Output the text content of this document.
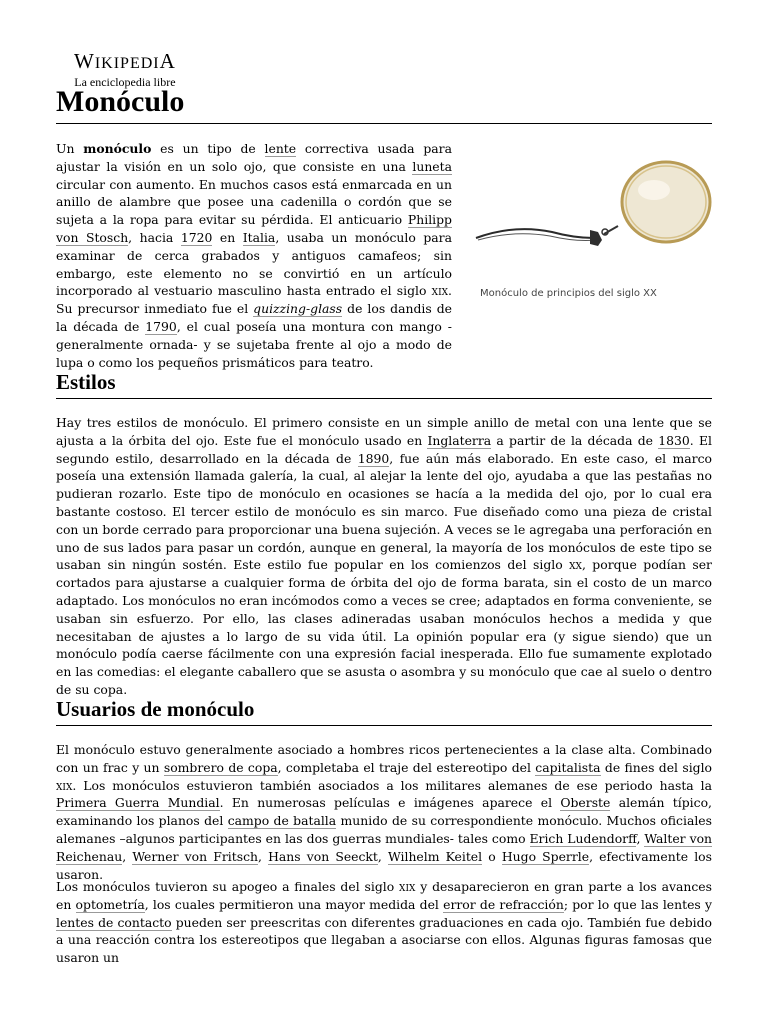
WIKIPEDIA
La enciclopedia libre
Monóculo

Un monóculo es un tipo de lente correctiva usada para ajustar la visión en un solo ojo, que consiste en una luneta circular con aumento. En muchos casos está enmarcada en un anillo de alambre que posee una cadenilla o cordón que se sujeta a la ropa para evitar su pérdida. El anticuario Philipp von Stosch, hacia 1720 en Italia, usaba un monóculo para examinar de cerca grabados y antiguos camafeos; sin embargo, este elemento no se convirtió en un artículo incorporado al vestuario masculino hasta entrado el siglo xix. Su precursor inmediato fue el quizzing-glass de los dandis de la década de 1790, el cual poseía una montura con mango -generalmente ornada- y se sujetaba frente al ojo a modo de lupa o como los pequeños prismáticos para teatro.

Monóculo de principios del siglo XX
Estilos

Hay tres estilos de monóculo. El primero consiste en un simple anillo de metal con una lente que se ajusta a la órbita del ojo. Este fue el monóculo usado en Inglaterra a partir de la década de 1830. El segundo estilo, desarrollado en la década de 1890, fue aún más elaborado. En este caso, el marco poseía una extensión llamada galería, la cual, al alejar la lente del ojo, ayudaba a que las pestañas no pudieran rozarlo. Este tipo de monóculo en ocasiones se hacía a la medida del ojo, por lo cual era bastante costoso. El tercer estilo de monóculo es sin marco. Fue diseñado como una pieza de cristal con un borde cerrado para proporcionar una buena sujeción. A veces se le agregaba una perforación en uno de sus lados para pasar un cordón, aunque en general, la mayoría de los monóculos de este tipo se usaban sin ningún sostén. Este estilo fue popular en los comienzos del siglo xx, porque podían ser cortados para ajustarse a cualquier forma de órbita del ojo de forma barata, sin el costo de un marco adaptado. Los monóculos no eran incómodos como a veces se cree; adaptados en forma conveniente, se usaban sin esfuerzo. Por ello, las clases adineradas usaban monóculos hechos a medida y que necesitaban de ajustes a lo largo de su vida útil. La opinión popular era (y sigue siendo) que un monóculo podía caerse fácilmente con una expresión facial inesperada. Ello fue sumamente explotado en las comedias: el elegante caballero que se asusta o asombra y su monóculo que cae al suelo o dentro de su copa.

Usuarios de monóculo

El monóculo estuvo generalmente asociado a hombres ricos pertenecientes a la clase alta. Combinado con un frac y un sombrero de copa, completaba el traje del estereotipo del capitalista de fines del siglo xix. Los monóculos estuvieron también asociados a los militares alemanes de ese periodo hasta la Primera Guerra Mundial. En numerosas películas e imágenes aparece el Oberste alemán típico, examinando los planos del campo de batalla munido de su correspondiente monóculo. Muchos oficiales alemanes –algunos participantes en las dos guerras mundiales- tales como Erich Ludendorff, Walter von Reichenau, Werner von Fritsch, Hans von Seeckt, Wilhelm Keitel o Hugo Sperrle, efectivamente los usaron.

Los monóculos tuvieron su apogeo a finales del siglo xix y desaparecieron en gran parte a los avances en optometría, los cuales permitieron una mayor medida del error de refracción; por lo que las lentes y lentes de contacto pueden ser preescritas con diferentes graduaciones en cada ojo. También fue debido a una reacción contra los estereotipos que llegaban a asociarse con ellos. Algunas figuras famosas que usaron un
